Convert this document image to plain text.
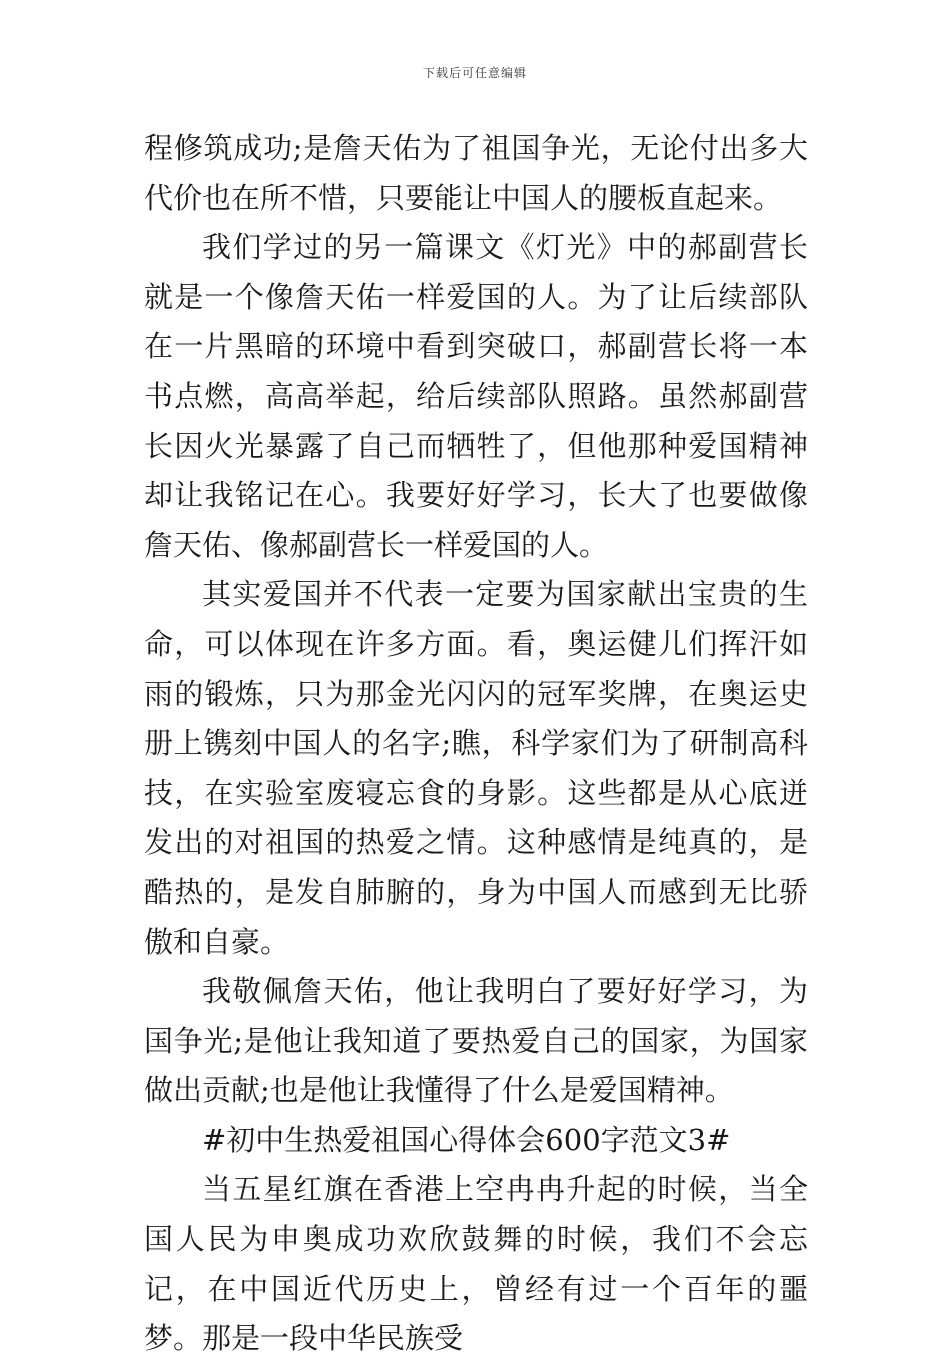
下载后可任意编辑

程修筑成功;是詹天佑为了祖国争光，无论付出多大代价也在所不惜，只要能让中国人的腰板直起来。

我们学过的另一篇课文《灯光》中的郝副营长就是一个像詹天佑一样爱国的人。为了让后续部队在一片黑暗的环境中看到突破口，郝副营长将一本书点燃，高高举起，给后续部队照路。虽然郝副营长因火光暴露了自己而牺牲了，但他那种爱国精神却让我铭记在心。我要好好学习，长大了也要做像詹天佑、像郝副营长一样爱国的人。

其实爱国并不代表一定要为国家献出宝贵的生命，可以体现在许多方面。看，奥运健儿们挥汗如雨的锻炼，只为那金光闪闪的冠军奖牌，在奥运史册上镌刻中国人的名字;瞧，科学家们为了研制高科技，在实验室废寝忘食的身影。这些都是从心底迸发出的对祖国的热爱之情。这种感情是纯真的，是酷热的，是发自肺腑的，身为中国人而感到无比骄傲和自豪。

我敬佩詹天佑，他让我明白了要好好学习，为国争光;是他让我知道了要热爱自己的国家，为国家做出贡献;也是他让我懂得了什么是爱国精神。

#初中生热爱祖国心得体会600字范文3#

当五星红旗在香港上空冉冉升起的时候，当全国人民为申奥成功欢欣鼓舞的时候，我们不会忘记，在中国近代历史上，曾经有过一个百年的噩梦。那是一段中华民族受
